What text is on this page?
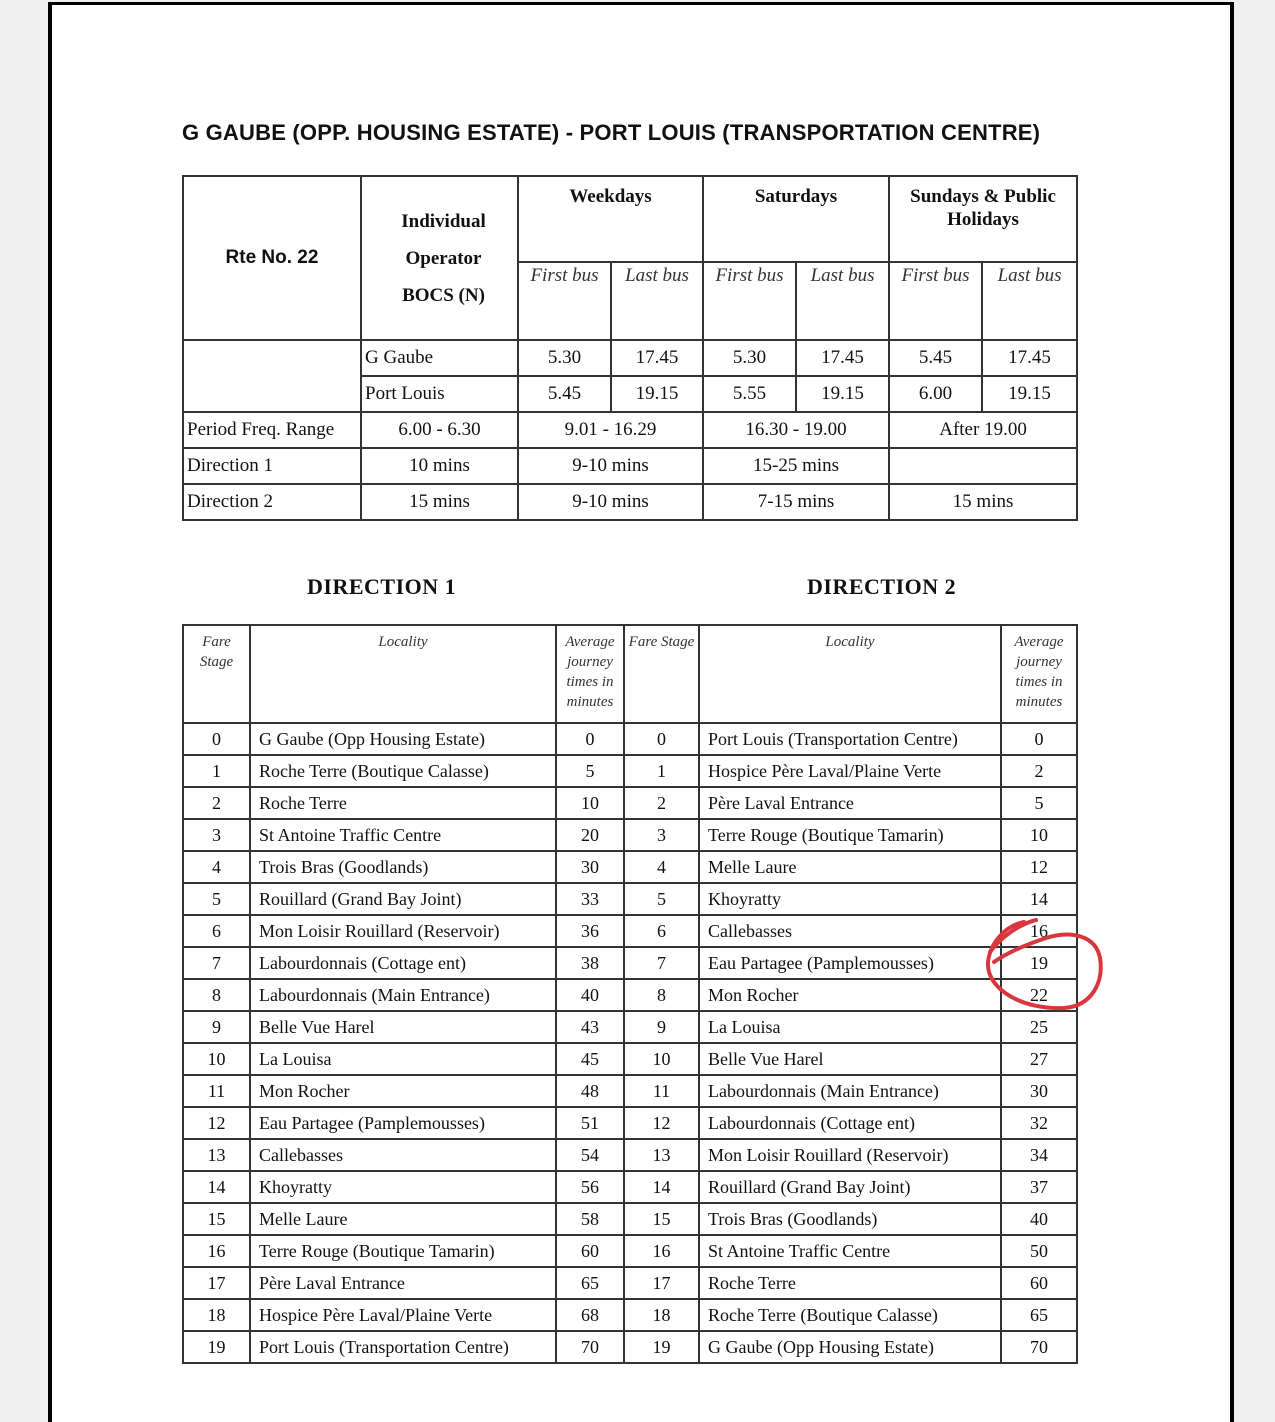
G GAUBE (OPP. HOUSING ESTATE) - PORT LOUIS (TRANSPORTATION CENTRE)
Rte No. 22	Individual
Operator
BOCS (N)	Weekdays		Saturdays		Sundays & Public Holidays	
		First bus	Last bus	First bus	Last bus	First bus	Last bus
	G Gaube	5.30	17.45	5.30	17.45	5.45	17.45
	Port Louis	5.45	19.15	5.55	19.15	6.00	19.15
Period Freq. Range	6.00 - 6.30	9.01 - 16.29		16.30 - 19.00		After 19.00	
Direction 1	10 mins	9-10 mins		15-25 mins			
Direction 2	15 mins	9-10 mins		7-15 mins		15 mins	
DIRECTION 1	DIRECTION 2
Fare Stage	Locality	Average journey times in minutes	Fare Stage	Locality	Average journey times in minutes
0	G Gaube (Opp Housing Estate)	0	0	Port Louis (Transportation Centre)	0
1	Roche Terre (Boutique Calasse)	5	1	Hospice Père Laval/Plaine Verte	2
2	Roche Terre	10	2	Père Laval Entrance	5
3	St Antoine Traffic Centre	20	3	Terre Rouge (Boutique Tamarin)	10
4	Trois Bras (Goodlands)	30	4	Melle Laure	12
5	Rouillard (Grand Bay Joint)	33	5	Khoyratty	14
6	Mon Loisir Rouillard (Reservoir)	36	6	Callebasses	16
7	Labourdonnais (Cottage ent)	38	7	Eau Partagee (Pamplemousses)	19
8	Labourdonnais (Main Entrance)	40	8	Mon Rocher	22
9	Belle Vue Harel	43	9	La Louisa	25
10	La Louisa	45	10	Belle Vue Harel	27
11	Mon Rocher	48	11	Labourdonnais (Main Entrance)	30
12	Eau Partagee (Pamplemousses)	51	12	Labourdonnais (Cottage ent)	32
13	Callebasses	54	13	Mon Loisir Rouillard (Reservoir)	34
14	Khoyratty	56	14	Rouillard (Grand Bay Joint)	37
15	Melle Laure	58	15	Trois Bras (Goodlands)	40
16	Terre Rouge (Boutique Tamarin)	60	16	St Antoine Traffic Centre	50
17	Père Laval Entrance	65	17	Roche Terre	60
18	Hospice Père Laval/Plaine Verte	68	18	Roche Terre (Boutique Calasse)	65
19	Port Louis (Transportation Centre)	70	19	G Gaube (Opp Housing Estate)	70
